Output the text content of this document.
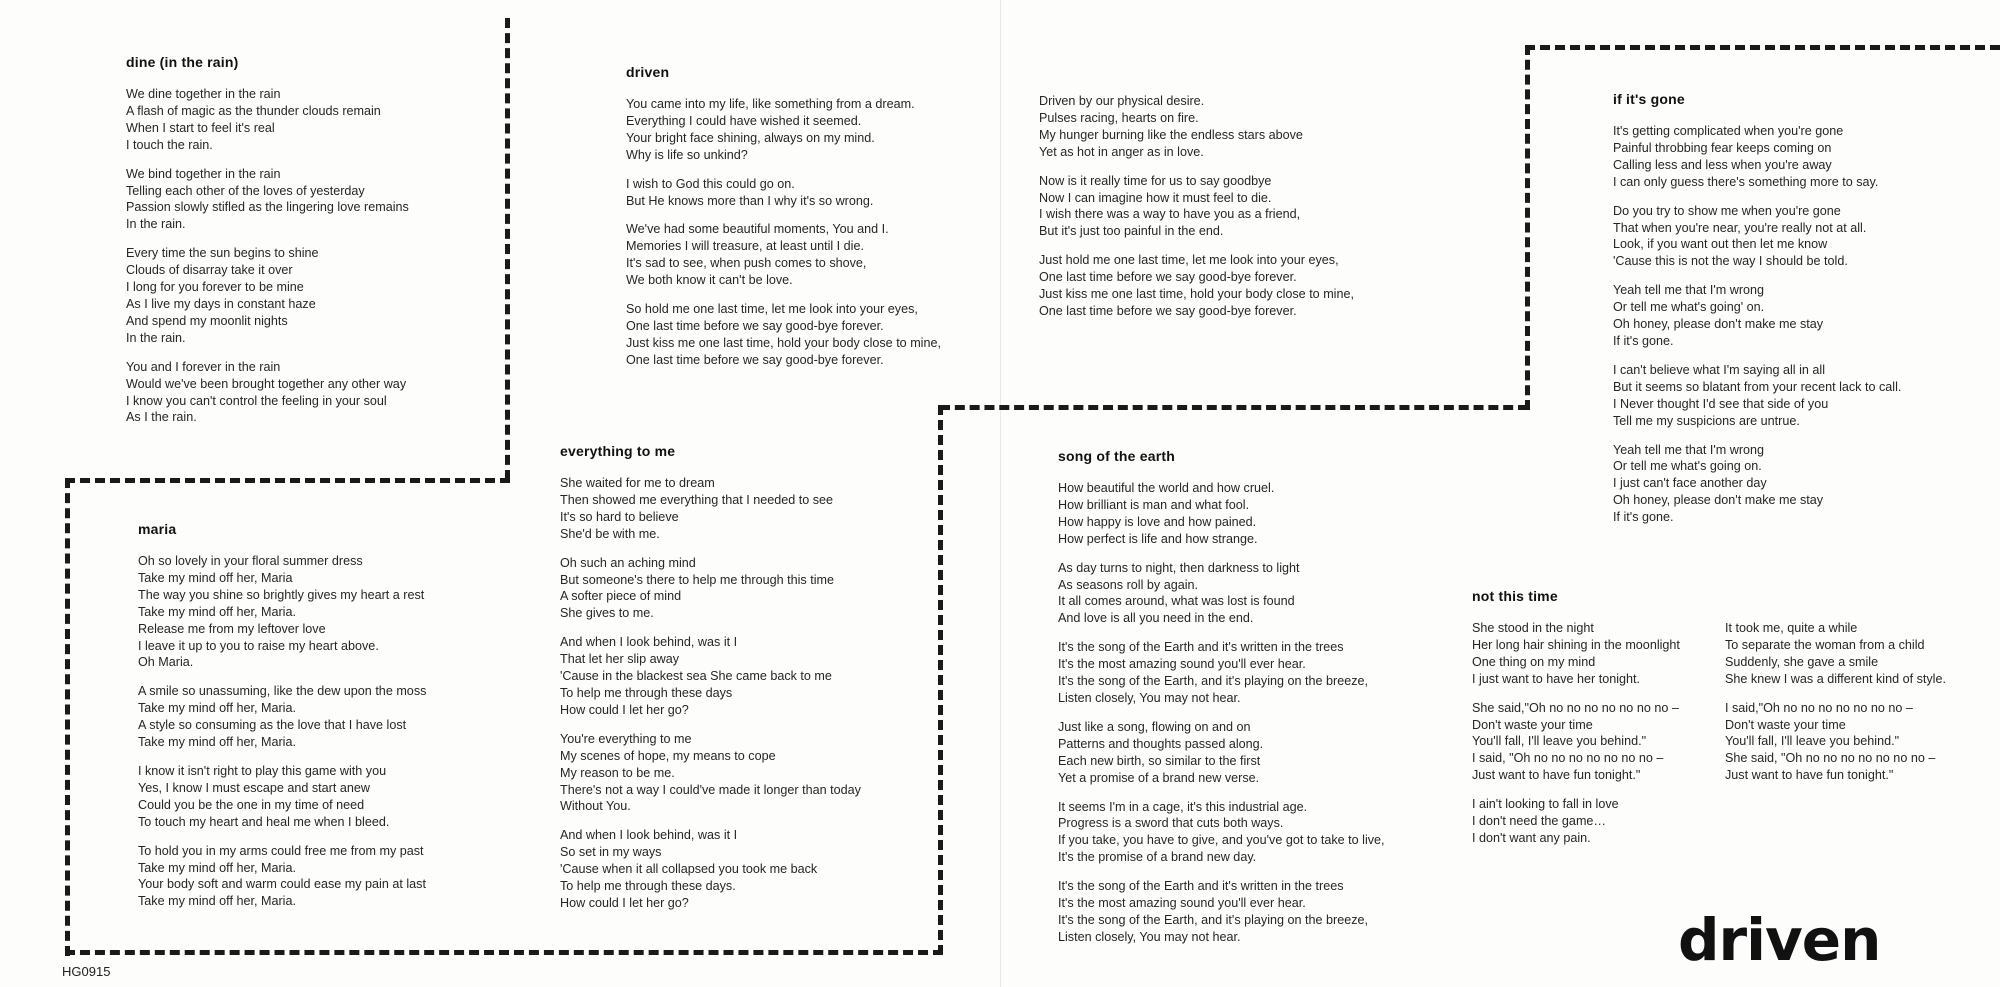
dine (in the rain)
We dine together in the rain
A flash of magic as the thunder clouds remain
When I start to feel it's real
I touch the rain.
We bind together in the rain
Telling each other of the loves of yesterday
Passion slowly stifled as the lingering love remains
In the rain.
Every time the sun begins to shine
Clouds of disarray take it over
I long for you forever to be mine
As I live my days in constant haze
And spend my moonlit nights
In the rain.
You and I forever in the rain
Would we've been brought together any other way
I know you can't control the feeling in your soul
As I the rain.
driven
You came into my life, like something from a dream.
Everything I could have wished it seemed.
Your bright face shining, always on my mind.
Why is life so unkind?
I wish to God this could go on.
But He knows more than I why it's so wrong.
We've had some beautiful moments, You and I.
Memories I will treasure, at least until I die.
It's sad to see, when push comes to shove,
We both know it can't be love.
So hold me one last time, let me look into your eyes,
One last time before we say good-bye forever.
Just kiss me one last time, hold your body close to mine,
One last time before we say good-bye forever.
Driven by our physical desire.
Pulses racing, hearts on fire.
My hunger burning like the endless stars above
Yet as hot in anger as in love.
Now is it really time for us to say goodbye
Now I can imagine how it must feel to die.
I wish there was a way to have you as a friend,
But it's just too painful in the end.
Just hold me one last time, let me look into your eyes,
One last time before we say good-bye forever.
Just kiss me one last time, hold your body close to mine,
One last time before we say good-bye forever.
if it's gone
It's getting complicated when you're gone
Painful throbbing fear keeps coming on
Calling less and less when you're away
I can only guess there's something more to say.
Do you try to show me when you're gone
That when you're near, you're really not at all.
Look, if you want out then let me know
'Cause this is not the way I should be told.
Yeah tell me that I'm wrong
Or tell me what's going' on.
Oh honey, please don't make me stay
If it's gone.
I can't believe what I'm saying all in all
But it seems so blatant from your recent lack to call.
I Never thought I'd see that side of you
Tell me my suspicions are untrue.
Yeah tell me that I'm wrong
Or tell me what's going on.
I just can't face another day
Oh honey, please don't make me stay
If it's gone.
maria
Oh so lovely in your floral summer dress
Take my mind off her, Maria
The way you shine so brightly gives my heart a rest
Take my mind off her, Maria.
Release me from my leftover love
I leave it up to you to raise my heart above.
Oh Maria.
A smile so unassuming, like the dew upon the moss
Take my mind off her, Maria.
A style so consuming as the love that I have lost
Take my mind off her, Maria.
I know it isn't right to play this game with you
Yes, I know I must escape and start anew
Could you be the one in my time of need
To touch my heart and heal me when I bleed.
To hold you in my arms could free me from my past
Take my mind off her, Maria.
Your body soft and warm could ease my pain at last
Take my mind off her, Maria.
everything to me
She waited for me to dream
Then showed me everything that I needed to see
It's so hard to believe
She'd be with me.
Oh such an aching mind
But someone's there to help me through this time
A softer piece of mind
She gives to me.
And when I look behind, was it I
That let her slip away
'Cause in the blackest sea She came back to me
To help me through these days
How could I let her go?
You're everything to me
My scenes of hope, my means to cope
My reason to be me.
There's not a way I could've made it longer than today
Without You.
And when I look behind, was it I
So set in my ways
'Cause when it all collapsed you took me back
To help me through these days.
How could I let her go?
song of the earth
How beautiful the world and how cruel.
How brilliant is man and what fool.
How happy is love and how pained.
How perfect is life and how strange.
As day turns to night, then darkness to light
As seasons roll by again.
It all comes around, what was lost is found
And love is all you need in the end.
It's the song of the Earth and it's written in the trees
It's the most amazing sound you'll ever hear.
It's the song of the Earth, and it's playing on the breeze,
Listen closely, You may not hear.
Just like a song, flowing on and on
Patterns and thoughts passed along.
Each new birth, so similar to the first
Yet a promise of a brand new verse.
It seems I'm in a cage, it's this industrial age.
Progress is a sword that cuts both ways.
If you take, you have to give, and you've got to take to live,
It's the promise of a brand new day.
It's the song of the Earth and it's written in the trees
It's the most amazing sound you'll ever hear.
It's the song of the Earth, and it's playing on the breeze,
Listen closely, You may not hear.
not this time
She stood in the night
Her long hair shining in the moonlight
One thing on my mind
I just want to have her tonight.
She said,"Oh no no no no no no no –
Don't waste your time
You'll fall, I'll leave you behind."
I said, "Oh no no no no no no no –
Just want to have fun tonight."
I ain't looking to fall in love
I don't need the game…
I don't want any pain.
It took me, quite a while
To separate the woman from a child
Suddenly, she gave a smile
She knew I was a different kind of style.
I said,"Oh no no no no no no no –
Don't waste your time
You'll fall, I'll leave you behind."
She said, "Oh no no no no no no no –
Just want to have fun tonight."
HG0915	driven
